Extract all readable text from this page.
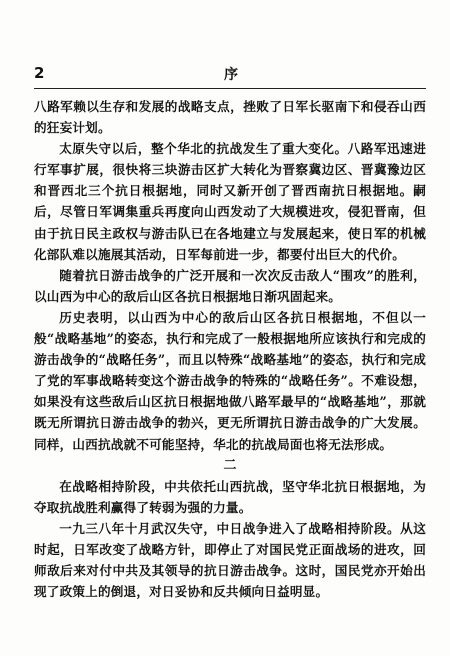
2	序

八路军赖以生存和发展的战略支点，挫败了日军长驱南下和侵吞山西的狂妄计划。

太原失守以后，整个华北的抗战发生了重大变化。八路军迅速进行军事扩展，很快将三块游击区扩大转化为晋察冀边区、晋冀豫边区和晋西北三个抗日根据地，同时又新开创了晋西南抗日根据地。嗣后，尽管日军调集重兵再度向山西发动了大规模进攻，侵犯晋南，但由于抗日民主政权与游击队已在各地建立与发展起来，使日军的机械化部队难以施展其活动，日军每前进一步，都要付出巨大的代价。

随着抗日游击战争的广泛开展和一次次反击敌人“围攻”的胜利，以山西为中心的敌后山区各抗日根据地日渐巩固起来。

历史表明，以山西为中心的敌后山区各抗日根据地，不但以一般“战略基地”的姿态，执行和完成了一般根据地所应该执行和完成的游击战争的“战略任务”，而且以特殊“战略基地”的姿态，执行和完成了党的军事战略转变这个游击战争的特殊的“战略任务”。不难设想，如果没有这些敌后山区抗日根据地做八路军最早的“战略基地”，那就既无所谓抗日游击战争的勃兴，更无所谓抗日游击战争的广大发展。同样，山西抗战就不可能坚持，华北的抗战局面也将无法形成。

二

在战略相持阶段，中共依托山西抗战，坚守华北抗日根据地，为夺取抗战胜利赢得了转弱为强的力量。

一九三八年十月武汉失守，中日战争进入了战略相持阶段。从这时起，日军改变了战略方针，即停止了对国民党正面战场的进攻，回师敌后来对付中共及其领导的抗日游击战争。这时，国民党亦开始出现了政策上的倒退，对日妥协和反共倾向日益明显。
